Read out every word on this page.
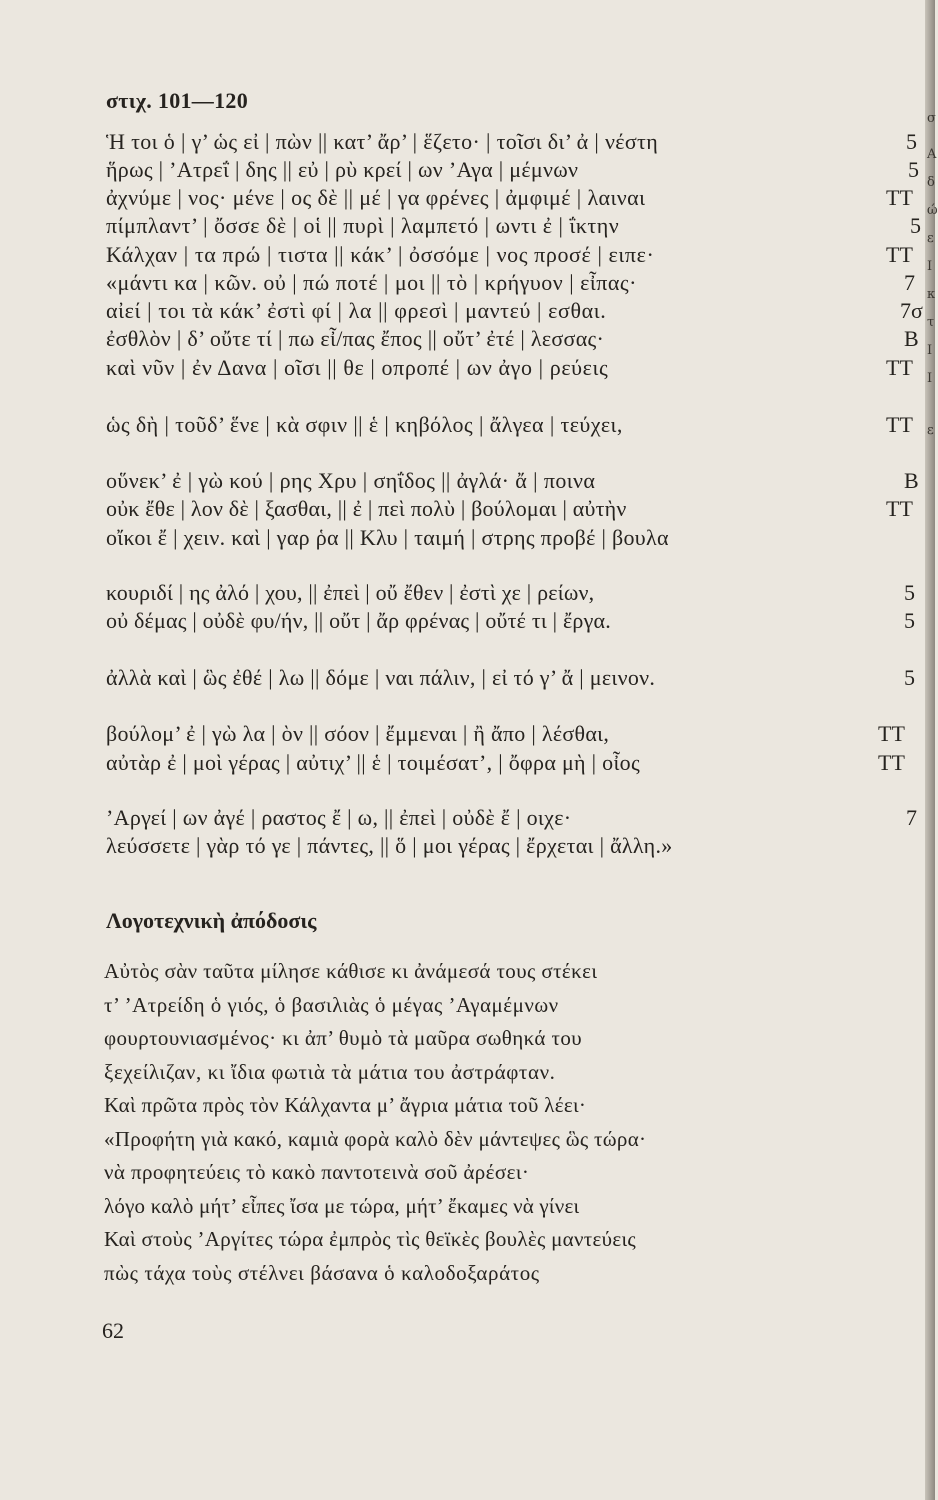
στιχ. 101—120
Ἡ τοι ὁ | γ’ ὡς εἰ | πὼν || κατ’ ἄρ’ | ἕζετο· | τοῖσι δι’ ἀ | νέστη	5
ἥρως | ’Ατρεΐ | δης || εὐ | ρὺ κρεί | ων ’Αγα | μέμνων	5
ἀχνύμε | νος· μένε | ος δὲ || μέ | γα φρένες | ἀμφιμέ | λαιναι	ΤΤ
πίμπλαντ’ | ὄσσε δὲ | οἱ || πυρὶ | λαμπετό | ωντι ἐ | ΐκτην	5
Κάλχαν | τα πρώ | τιστα || κάκ’ | ὀσσόμε | νος προσέ | ειπε·	ΤΤ
«μάντι κα | κῶν. οὐ | πώ ποτέ | μοι || τὸ | κρήγυον | εἶπας·	7
αἰεί | τοι τὰ κάκ’ ἐστὶ φί | λα || φρεσὶ | μαντεύ | εσθαι.	7σ
ἐσθλὸν | δ’ οὔτε τί | πω εἶ/πας ἔπος || οὔτ’ ἐτέ | λεσσας·	Β
καὶ νῦν | ἐν Δανα | οῖσι || θε | οπροπέ | ων ἀγο | ρεύεις	ΤΤ
ὡς δὴ | τοῦδ’ ἕνε | κὰ σφιν || ἑ | κηβόλος | ἄλγεα | τεύχει,	ΤΤ
οὕνεκ’ ἐ | γὼ κού | ρης Χρυ | σηΐδος || ἀγλά· ἄ | ποινα	Β
οὐκ ἔθε | λον δὲ | ξασθαι, || ἐ | πεὶ πολὺ | βούλομαι | αὐτὴν	ΤΤ
οἴκοι ἔ | χειν. καὶ | γαρ ῥα || Κλυ | ταιμή | στρης προβέ | βουλα
κουριδί | ης ἀλό | χου, || ἐπεὶ | οὔ ἔθεν | ἐστὶ χε | ρείων,	5
οὐ δέμας | οὐδὲ φυ/ήν, || οὔτ | ἄρ φρένας | οὔτέ τι | ἔργα.	5
ἀλλὰ καὶ | ὣς ἐθέ | λω || δόμε | ναι πάλιν, | εἰ τό γ’ ἄ | μεινον.	5
βούλομ’ ἐ | γὼ λα | ὸν || σόον | ἔμμεναι | ἢ ἄπο | λέσθαι,	ΤΤ
αὐτὰρ ἐ | μοὶ γέρας | αὐτιχ’ || ἑ | τοιμέσατ’, | ὄφρα μὴ | οἶος	ΤΤ
’Αργεί | ων ἀγέ | ραστος ἔ | ω, || ἐπεὶ | οὐδὲ ἔ | οιχε·	7
λεύσσετε | γὰρ τό γε | πάντες, || ὅ | μοι γέρας | ἔρχεται | ἄλλη.»
Λογοτεχνικὴ ἀπόδοσις
Αὐτὸς σὰν ταῦτα μίλησε κάθισε κι ἀνάμεσά τους στέκει
τ’ ’Ατρείδη ὁ γιός, ὁ βασιλιὰς ὁ μέγας ’Αγαμέμνων
φουρτουνιασμένος· κι ἀπ’ θυμὸ τὰ μαῦρα σωθηκά του
ξεχείλιζαν, κι ἴδια φωτιὰ τὰ μάτια του ἀστράφταν.
Καὶ πρῶτα πρὸς τὸν Κάλχαντα μ’ ἄγρια μάτια τοῦ λέει·
«Προφήτη γιὰ κακό, καμιὰ φορὰ καλὸ δὲν μάντεψες ὣς τώρα·
νὰ προφητεύεις τὸ κακὸ παντοτεινὰ σοῦ ἀρέσει·
λόγο καλὸ μήτ’ εἶπες ἴσα με τώρα, μήτ’ ἔκαμες νὰ γίνει
Καὶ στοὺς ’Αργίτες τώρα ἐμπρὸς τὶς θεϊκὲς βουλὲς μαντεύεις
πὼς τάχα τοὺς στέλνει βάσανα ὁ καλοδοξαράτος
62
σ
A
δ
ώ
ε
Ι
κ
τ
Ι
Ι
ε
